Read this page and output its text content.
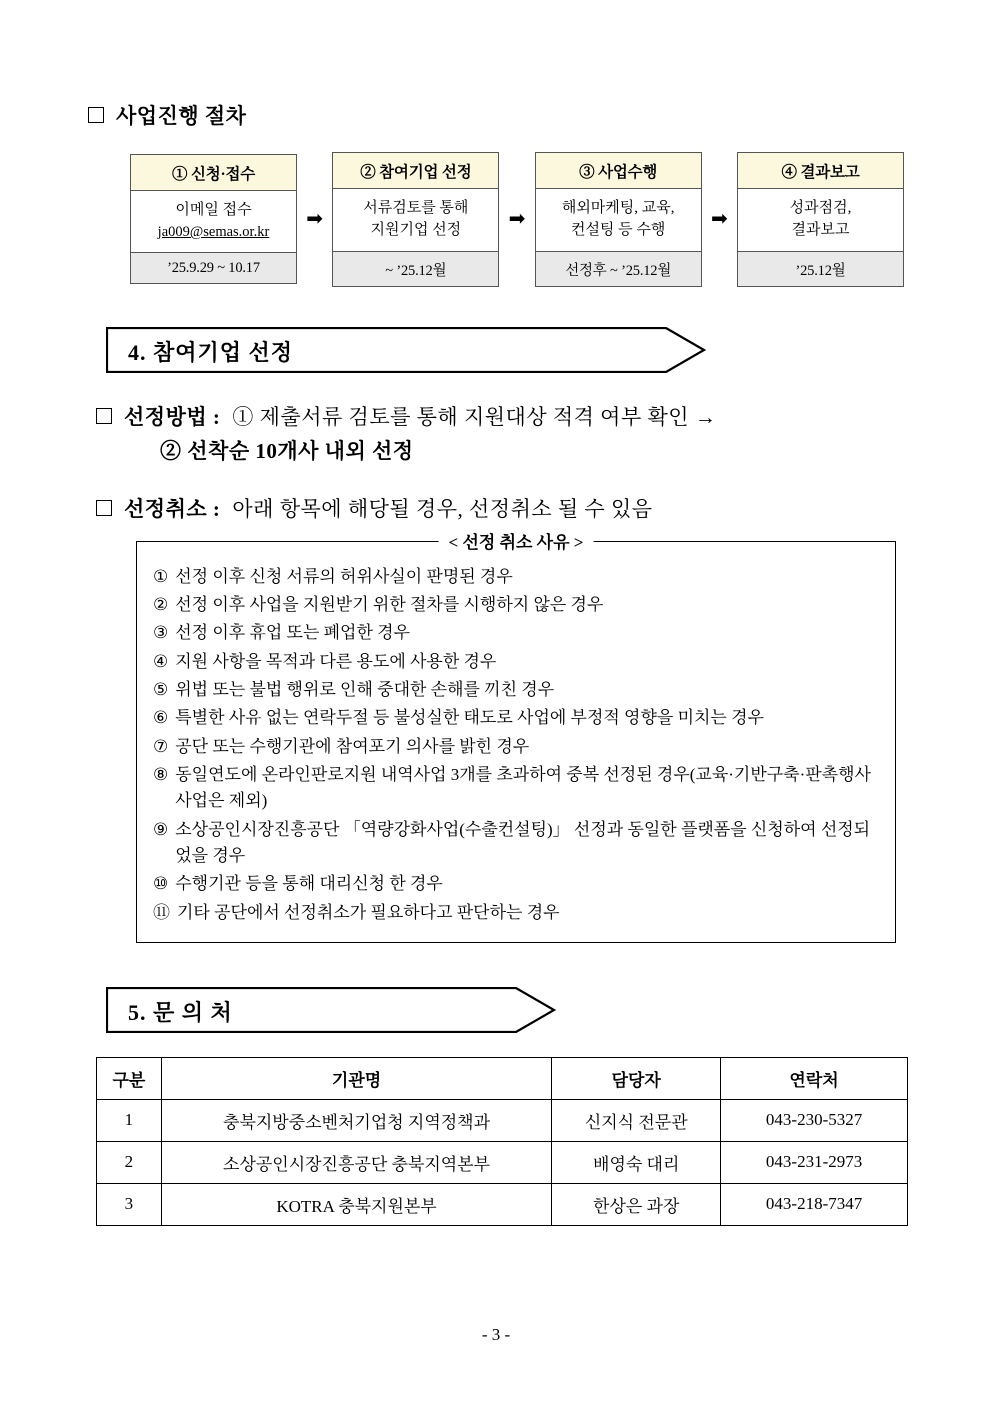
사업진행 절차
① 신청·접수
이메일 접수
ja009@semas.or.kr
’25.9.29 ~ 10.17
➡
② 참여기업 선정
서류검토를 통해
지원기업 선정
~ ’25.12월
➡
③ 사업수행
해외마케팅, 교육,
컨설팅 등 수행
선정후 ~ ’25.12월
➡
④ 결과보고
성과점검,
결과보고
’25.12월
4. 참여기업 선정
선정방법 : ① 제출서류 검토를 통해 지원대상 적격 여부 확인 →
② 선착순 10개사 내외 선정
선정취소 : 아래 항목에 해당될 경우, 선정취소 될 수 있음
< 선정 취소 사유 >
① 선정 이후 신청 서류의 허위사실이 판명된 경우
② 선정 이후 사업을 지원받기 위한 절차를 시행하지 않은 경우
③ 선정 이후 휴업 또는 폐업한 경우
④ 지원 사항을 목적과 다른 용도에 사용한 경우
⑤ 위법 또는 불법 행위로 인해 중대한 손해를 끼친 경우
⑥ 특별한 사유 없는 연락두절 등 불성실한 태도로 사업에 부정적 영향을 미치는 경우
⑦ 공단 또는 수행기관에 참여포기 의사를 밝힌 경우
⑧ 동일연도에 온라인판로지원 내역사업 3개를 초과하여 중복 선정된 경우(교육·기반구축·판촉행사사업은 제외)
⑨ 소상공인시장진흥공단 「역량강화사업(수출컨설팅)」 선정과 동일한 플랫폼을 신청하여 선정되었을 경우
⑩ 수행기관 등을 통해 대리신청 한 경우
⑪ 기타 공단에서 선정취소가 필요하다고 판단하는 경우
5. 문 의 처
구분	기관명	담당자	연락처
1	충북지방중소벤처기업청 지역정책과	신지식 전문관	043-230-5327
2	소상공인시장진흥공단 충북지역본부	배영숙 대리	043-231-2973
3	KOTRA 충북지원본부	한상은 과장	043-218-7347
- 3 -
